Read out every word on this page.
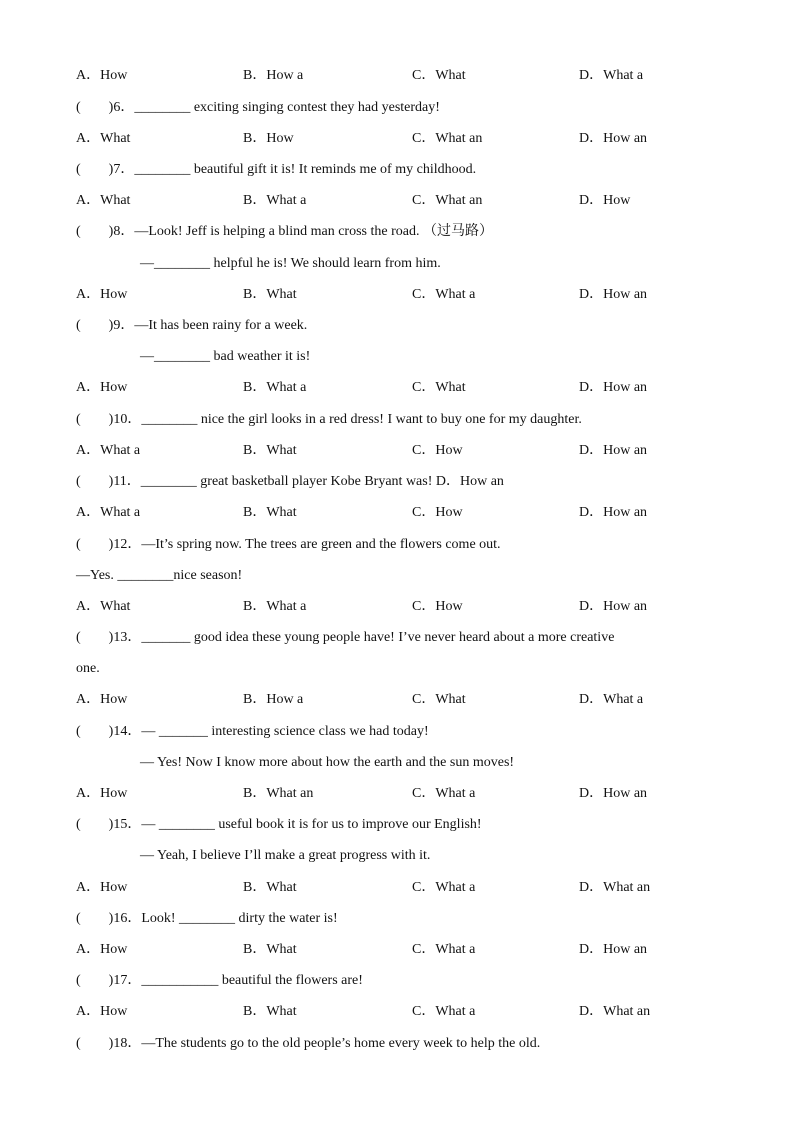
A．How	B．How a	C．What	D．What a
(　　)6．________ exciting singing contest they had yesterday!
A．What	B．How	C．What an	D．How an
(　　)7．________ beautiful gift it is! It reminds me of my childhood.
A．What	B．What a	C．What an	D．How
(　　)8．—Look! Jeff is helping a blind man cross the road. （过马路）
—________ helpful he is! We should learn from him.
A．How	B．What	C．What a	D．How an
(　　)9．—It has been rainy for a week.
—________ bad weather it is!
A．How	B．What a	C．What	D．How an
(　　)10．________ nice the girl looks in a red dress! I want to buy one for my daughter.
A．What a	B．What	C．How	D．How an
(　　)11．________ great basketball player Kobe Bryant was! D．How an
A．What a	B．What	C．How	D．How an
(　　)12．—It’s spring now. The trees are green and the flowers come out.
—Yes. ________nice season!
A．What	B．What a	C．How	D．How an
(　　)13．_______ good idea these young people have! I’ve never heard about a more creative
one.
A．How	B．How a	C．What	D．What a
(　　)14．— _______ interesting science class we had today!
— Yes! Now I know more about how the earth and the sun moves!
A．How	B．What an	C．What a	D．How an
(　　)15．— ________ useful book it is for us to improve our English!
— Yeah, I believe I’ll make a great progress with it.
A．How	B．What	C．What a	D．What an
(　　)16．Look! ________ dirty the water is!
A．How	B．What	C．What a	D．How an
(　　)17．___________ beautiful the flowers are!
A．How	B．What	C．What a	D．What an
(　　)18．—The students go to the old people’s home every week to help the old.
